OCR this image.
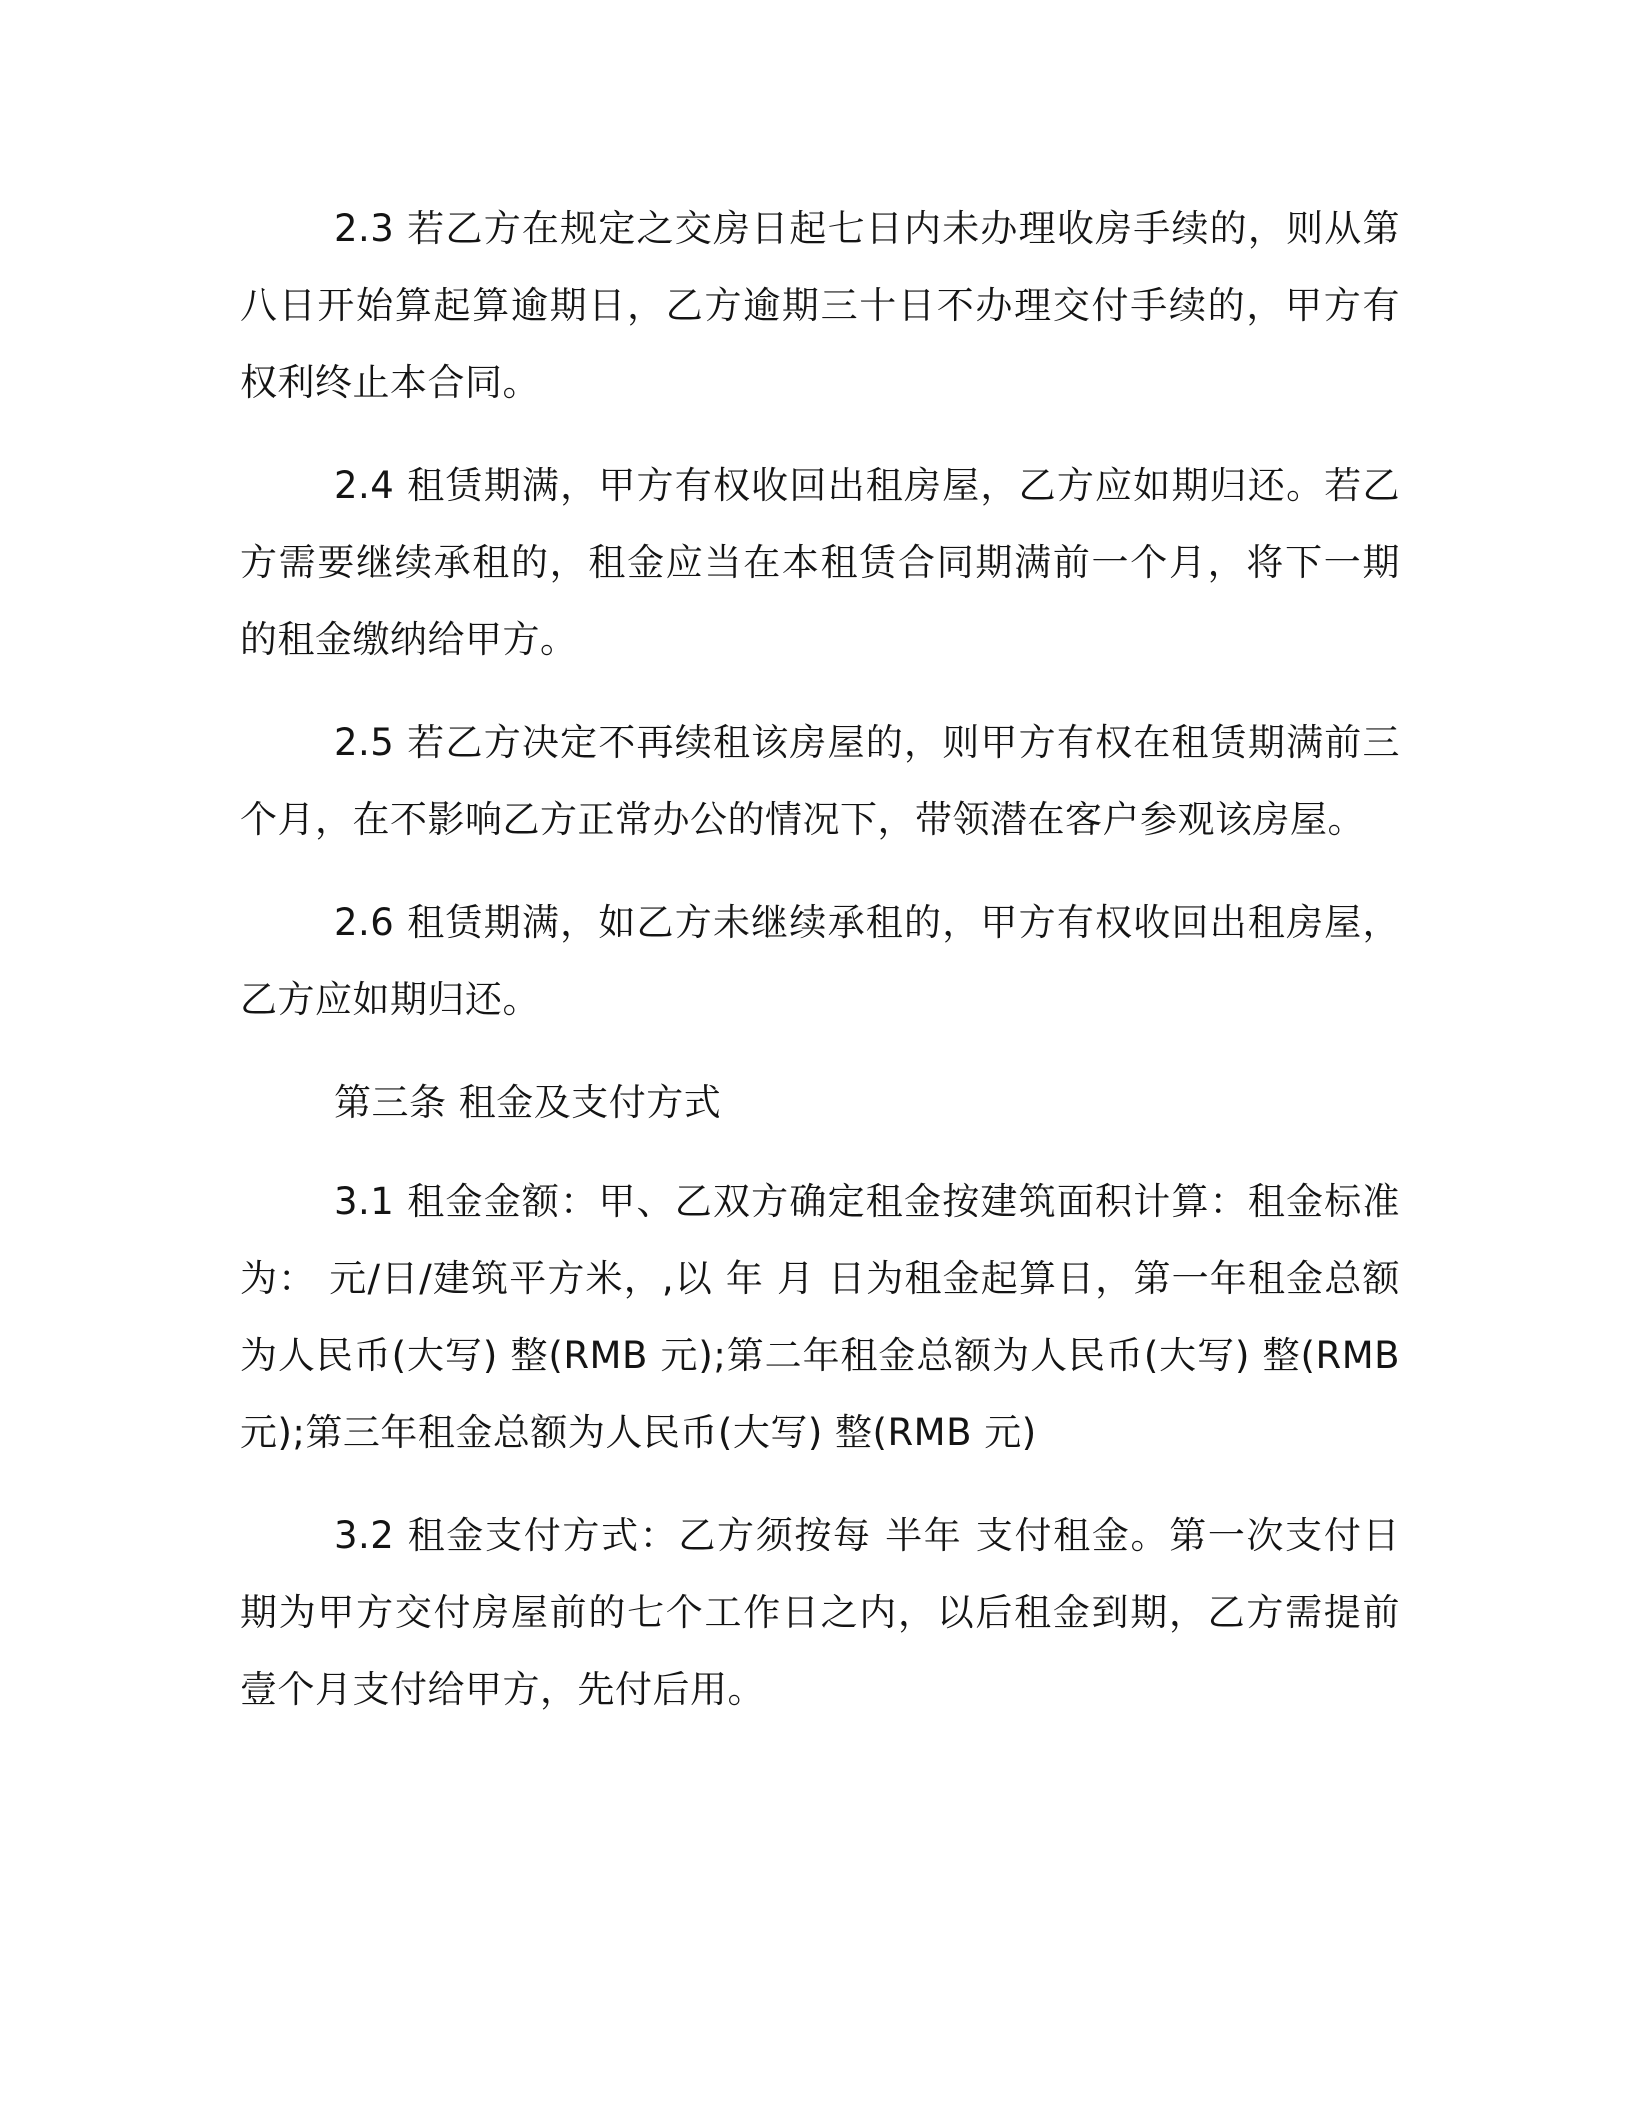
2.3 若乙方在规定之交房日起七日内未办理收房手续的，则从第八日开始算起算逾期日，乙方逾期三十日不办理交付手续的，甲方有权利终止本合同。

2.4 租赁期满，甲方有权收回出租房屋，乙方应如期归还。若乙方需要继续承租的，租金应当在本租赁合同期满前一个月，将下一期的租金缴纳给甲方。

2.5 若乙方决定不再续租该房屋的，则甲方有权在租赁期满前三个月，在不影响乙方正常办公的情况下，带领潜在客户参观该房屋。

2.6 租赁期满，如乙方未继续承租的，甲方有权收回出租房屋，乙方应如期归还。

第三条 租金及支付方式

3.1 租金金额：甲、乙双方确定租金按建筑面积计算：租金标准为： 元/日/建筑平方米，,以 年 月 日为租金起算日，第一年租金总额为人民币(大写) 整(RMB 元);第二年租金总额为人民币(大写) 整(RMB 元);第三年租金总额为人民币(大写) 整(RMB 元)

3.2 租金支付方式：乙方须按每 半年 支付租金。第一次支付日期为甲方交付房屋前的七个工作日之内，以后租金到期，乙方需提前壹个月支付给甲方，先付后用。
